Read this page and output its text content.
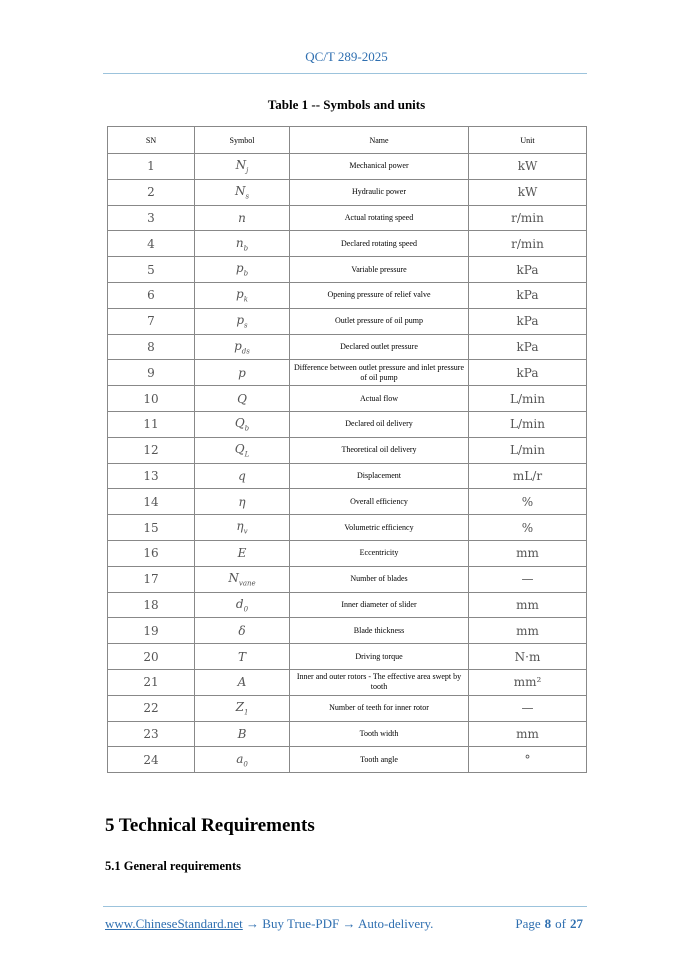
QC/T 289-2025
Table 1 -- Symbols and units
SN	Symbol	Name	Unit
1	$N_j$	Mechanical power	kW
2	$N_s$	Hydraulic power	kW
3	n	Actual rotating speed	r/min
4	$n_b$	Declared rotating speed	r/min
5	$p_b$	Variable pressure	kPa
6	$p_k$	Opening pressure of relief valve	kPa
7	$p_s$	Outlet pressure of oil pump	kPa
8	$p_{ds}$	Declared outlet pressure	kPa
9	p	Difference between outlet pressure and inlet pressure of oil pump	kPa
10	Q	Actual flow	L/min
11	$Q_b$	Declared oil delivery	L/min
12	$Q_L$	Theoretical oil delivery	L/min
13	q	Displacement	mL/r
14	η	Overall efficiency	%
15	$\eta_v$	Volumetric efficiency	%
16	E	Eccentricity	mm
17	$N_{vane}$	Number of blades	—
18	$d_0$	Inner diameter of slider	mm
19	δ	Blade thickness	mm
20	T	Driving torque	N·m
21	A	Inner and outer rotors - The effective area swept by tooth	mm²
22	$Z_1$	Number of teeth for inner rotor	—
23	B	Tooth width	mm
24	$a_0$	Tooth angle	°
5 Technical Requirements
5.1 General requirements
www.ChineseStandard.net → Buy True-PDF → Auto-delivery.	Page 8 of 27
